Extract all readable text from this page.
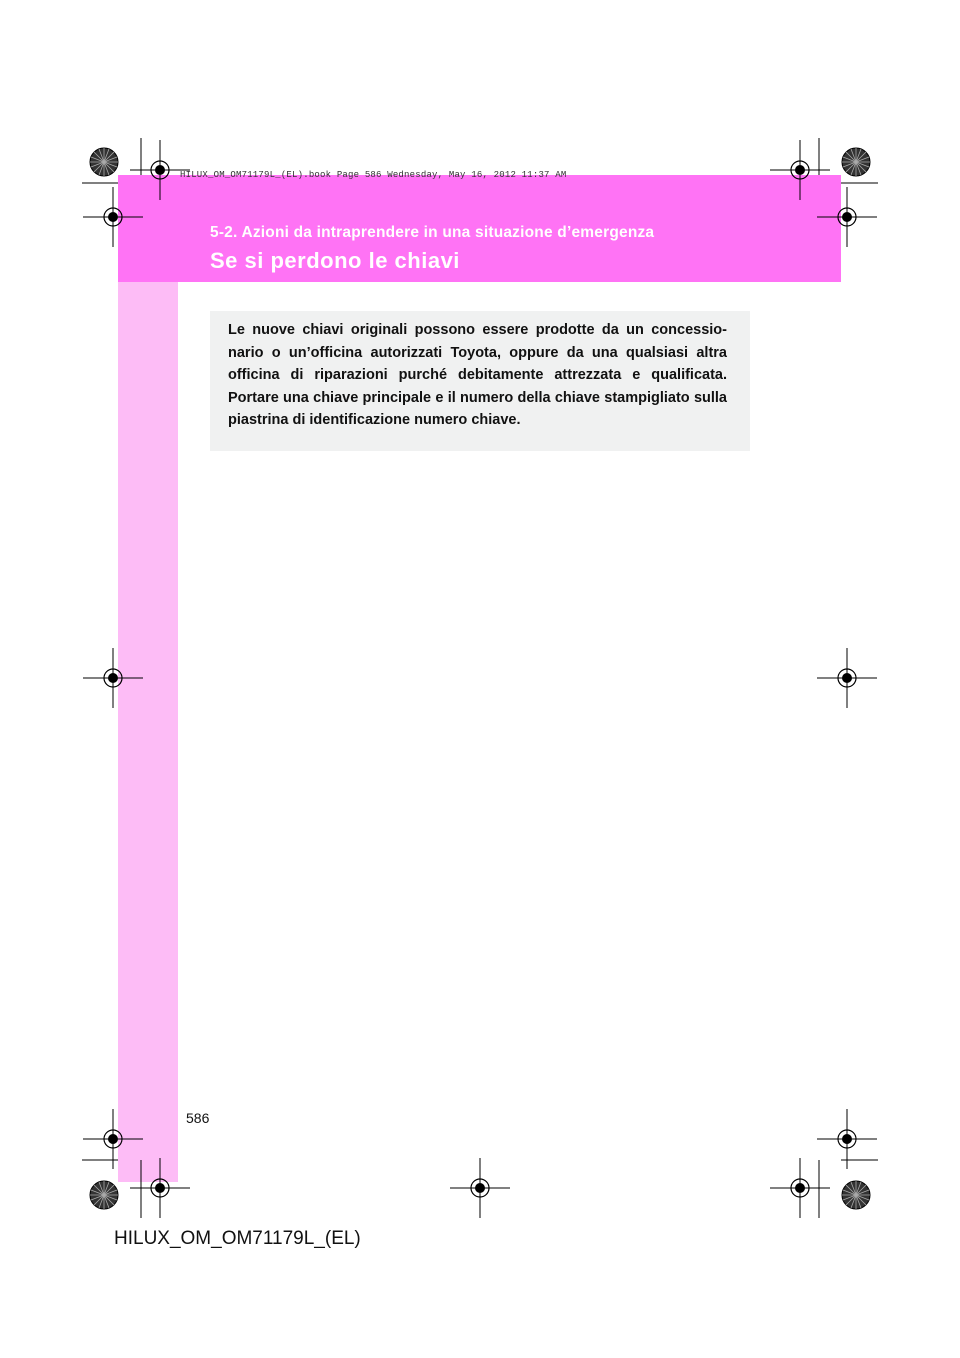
HILUX_OM_OM71179L_(EL).book Page 586 Wednesday, May 16, 2012 11:37 AM
5-2. Azioni da intraprendere in una situazione d’emergenza
Se si perdono le chiavi

Le nuove chiavi originali possono essere prodotte da un concessio-nario o un’officina autorizzati Toyota, oppure da una qualsiasi altra officina di riparazioni purché debitamente attrezzata e qualificata. Portare una chiave principale e il numero della chiave stampigliato sulla piastrina di identificazione numero chiave.

586
HILUX_OM_OM71179L_(EL)
